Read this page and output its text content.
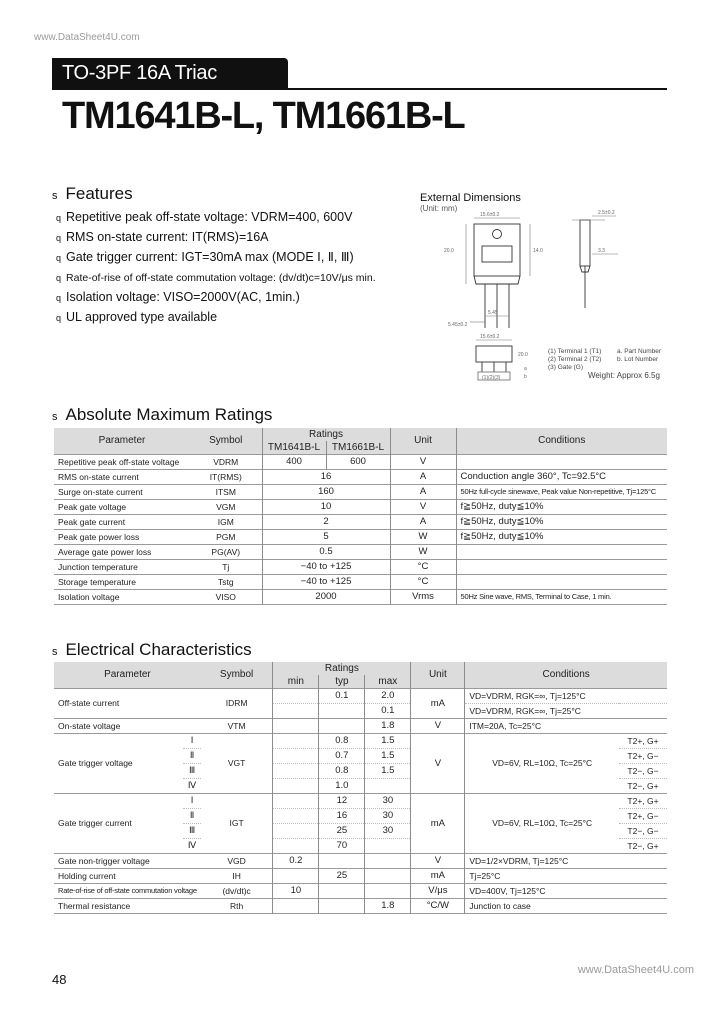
www.DataSheet4U.com
TO-3PF 16A Triac
TM1641B-L, TM1661B-L
s Features
q Repetitive peak off-state voltage: VDRM=400, 600V
q RMS on-state current: IT(RMS)=16A
q Gate trigger current: IGT=30mA max (MODE Ⅰ, Ⅱ, Ⅲ)
q Rate-of-rise of off-state commutation voltage: (dv/dt)c=10V/μs min.
q Isolation voltage: VISO=2000V(AC, 1min.)
q UL approved type available
External Dimensions
(Unit: mm)
15.6±0.2
20.0	14.0
5.45±0.2
5.45
2.5±0.2
3.3
15.6±0.2
20.0
(1)(2)(3)
a
b
(1) Terminal 1 (T1)
(2) Terminal 2 (T2)
(3) Gate (G)
a. Part Number
b. Lot Number
Weight: Approx 6.5g
s Absolute Maximum Ratings
Parameter	Symbol	Ratings		Unit	Conditions
		TM1641B-L	TM1661B-L		
Repetitive peak off-state voltage	VDRM	400	600	V	
RMS on-state current	IT(RMS)	16		A	Conduction angle 360°, Tc=92.5°C
Surge on-state current	ITSM	160		A	50Hz full-cycle sinewave, Peak value Non-repetitive, Tj=125°C
Peak gate voltage	VGM	10		V	f≧50Hz, duty≦10%
Peak gate current	IGM	2		A	f≧50Hz, duty≦10%
Peak gate power loss	PGM	5		W	f≧50Hz, duty≦10%
Average gate power loss	PG(AV)	0.5		W	
Junction temperature	Tj	−40 to +125		°C	
Storage temperature	Tstg	−40 to +125		°C	
Isolation voltage	VISO	2000		Vrms	50Hz Sine wave, RMS, Terminal to Case, 1 min.
s Electrical Characteristics
Parameter		Symbol	Ratings			Unit	Conditions	
			min	typ	max			
Off-state current		IDRM		0.1	2.0	mA	VD=VDRM, RGK=∞, Tj=125°C	
					0.1		VD=VDRM, RGK=∞, Tj=25°C	
On-state voltage		VTM			1.8	V	ITM=20A, Tc=25°C	
Gate trigger voltage	Ⅰ	VGT		0.8	1.5	V	VD=6V, RL=10Ω, Tc=25°C	T2+, G+
	Ⅱ			0.7	1.5			T2+, G−
	Ⅲ			0.8	1.5			T2−, G−
	Ⅳ			1.0				T2−, G+
Gate trigger current	Ⅰ	IGT		12	30	mA	VD=6V, RL=10Ω, Tc=25°C	T2+, G+
	Ⅱ			16	30			T2+, G−
	Ⅲ			25	30			T2−, G−
	Ⅳ			70				T2−, G+
Gate non-trigger voltage		VGD	0.2			V	VD=1/2×VDRM, Tj=125°C	
Holding current		IH		25		mA	Tj=25°C	
Rate-of-rise of off-state commutation voltage		(dv/dt)c	10			V/μs	VD=400V, Tj=125°C	
Thermal resistance		Rth			1.8	°C/W	Junction to case	
48
www.DataSheet4U.com
